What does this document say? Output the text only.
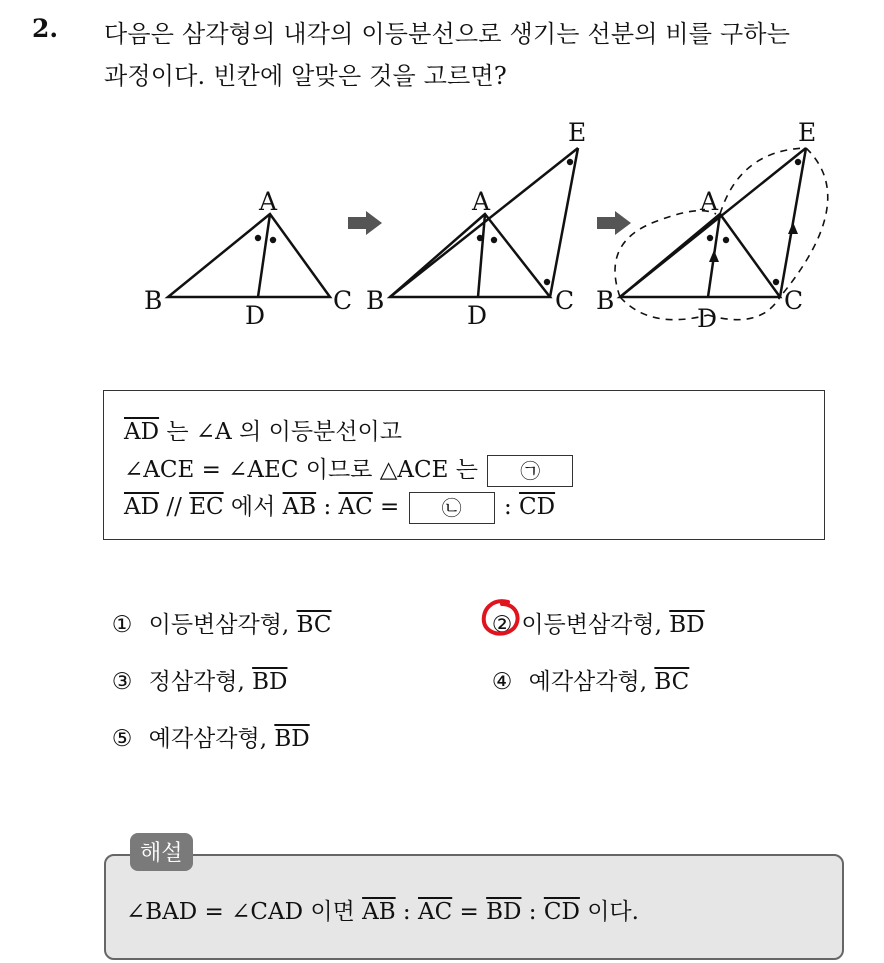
2. 다음은 삼각형의 내각의 이등분선으로 생기는 선분의 비를 구하는
과정이다. 빈칸에 알맞은 것을 고르면?
A
B	C
D
A
B	C
D
E
A
B	C
D
E
$\overline{AD}$ 는 ∠A 의 이등분선이고
∠ACE = ∠AEC 이므로 △ACE 는 ㉠
$\overline{AD} // \overline{EC}$ 에서 $\overline{AB}$ : $\overline{AC}$ = ㉡ : $\overline{CD}$
① 이등변삼각형, $\overline{BC}$	② 이등변삼각형, $\overline{BD}$
③ 정삼각형, $\overline{BD}$	④ 예각삼각형, $\overline{BC}$
⑤ 예각삼각형, $\overline{BD}$
해설
∠BAD = ∠CAD 이면 $\overline{AB}$ : $\overline{AC} = \overline{BD}$ : $\overline{CD}$ 이다.
